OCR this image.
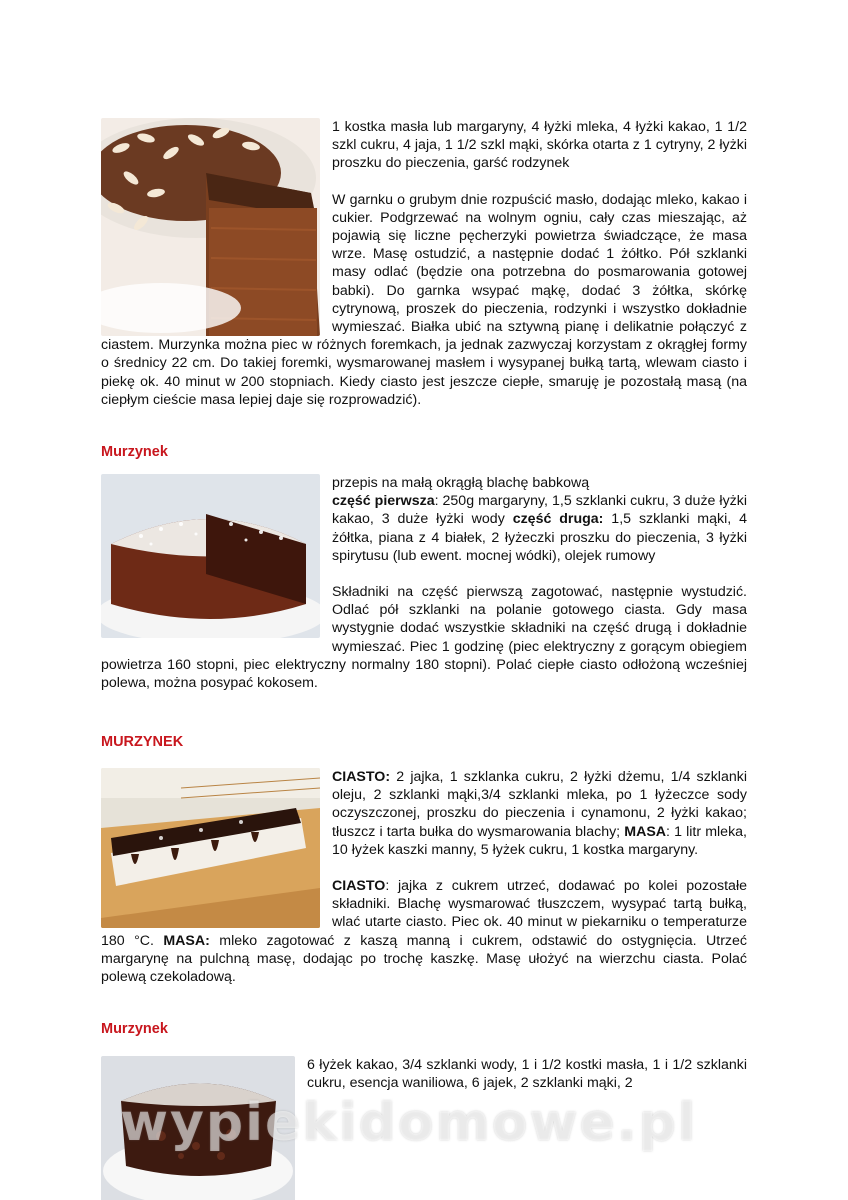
1 kostka masła lub margaryny, 4 łyżki mleka, 4 łyżki kakao, 1 1/2 szkl cukru, 4 jaja, 1 1/2 szkl mąki, skórka otarta z 1 cytryny, 2 łyżki proszku do pieczenia, garść rodzynek

W garnku o grubym dnie rozpuścić masło, dodając mleko, kakao i cukier. Podgrzewać na wolnym ogniu, cały czas mieszając, aż pojawią się liczne pęcherzyki powietrza świadczące, że masa wrze. Masę ostudzić, a następnie dodać 1 żółtko. Pół szklanki masy odlać (będzie ona potrzebna do posmarowania gotowej babki). Do garnka wsypać mąkę, dodać 3 żółtka, skórkę cytrynową, proszek do pieczenia, rodzynki i wszystko dokładnie wymieszać. Białka ubić na sztywną pianę i delikatnie połączyć z ciastem. Murzynka można piec w różnych foremkach, ja jednak zazwyczaj korzystam z okrągłej formy o średnicy 22 cm. Do takiej foremki, wysmarowanej masłem i wysypanej bułką tartą, wlewam ciasto i piekę ok. 40 minut w 200 stopniach. Kiedy ciasto jest jeszcze ciepłe, smaruję je pozostałą masą (na ciepłym cieście masa lepiej daje się rozprowadzić).

Murzynek

przepis na małą okrągłą blachę babkową
część pierwsza: 250g margaryny, 1,5 szklanki cukru, 3 duże łyżki kakao, 3 duże łyżki wody część druga: 1,5 szklanki mąki, 4 żółtka, piana z 4 białek, 2 łyżeczki proszku do pieczenia, 3 łyżki spirytusu (lub ewent. mocnej wódki), olejek rumowy

Składniki na część pierwszą zagotować, następnie wystudzić. Odlać pół szklanki na polanie gotowego ciasta. Gdy masa wystygnie dodać wszystkie składniki na część drugą i dokładnie wymieszać. Piec 1 godzinę (piec elektryczny z gorącym obiegiem powietrza 160 stopni, piec elektryczny normalny 180 stopni). Polać ciepłe ciasto odłożoną wcześniej polewa, można posypać kokosem.

MURZYNEK

CIASTO: 2 jajka, 1 szklanka cukru, 2 łyżki dżemu, 1/4 szklanki oleju, 2 szklanki mąki,3/4 szklanki mleka, po 1 łyżeczce sody oczyszczonej, proszku do pieczenia i cynamonu, 2 łyżki kakao; tłuszcz i tarta bułka do wysmarowania blachy; MASA: 1 litr mleka, 10 łyżek kaszki manny, 5 łyżek cukru, 1 kostka margaryny.

CIASTO: jajka z cukrem utrzeć, dodawać po kolei pozostałe składniki. Blachę wysmarować tłuszczem, wysypać tartą bułką, wlać utarte ciasto. Piec ok. 40 minut w piekarniku o temperaturze 180 °C. MASA: mleko zagotować z kaszą manną i cukrem, odstawić do ostygnięcia. Utrzeć margarynę na pulchną masę, dodając po trochę kaszkę. Masę ułożyć na wierzchu ciasta. Polać polewą czekoladową.

Murzynek

6 łyżek kakao, 3/4 szklanki wody, 1 i 1/2 kostki masła, 1 i 1/2 szklanki cukru, esencja waniliowa, 6 jajek, 2 szklanki mąki, 2

wypiekidomowe.pl
